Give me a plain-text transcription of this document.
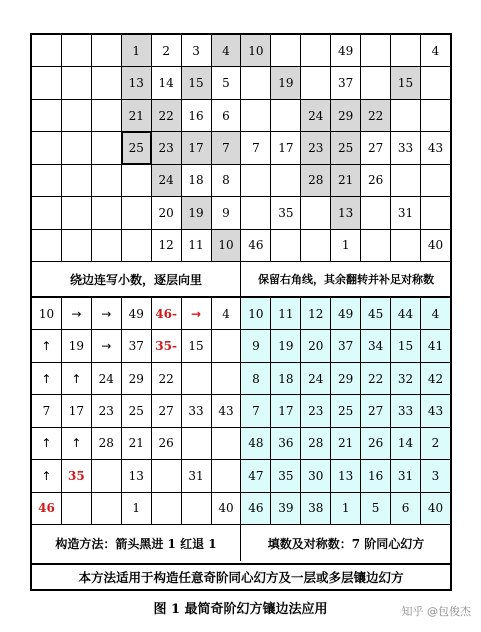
			1	2	3	4	10			49			4
			13	14	15	5		19		37		15	
			21	22	16	6			24	29	22		
			25	23	17	7	7	17	23	25	27	33	43
				24	18	8			28	21	26		
				20	19	9		35		13		31	
				12	11	10	46			1			40
绕边连写小数，逐层向里	保留右角线，其余翻转并补足对称数
10	→	→	49	46-	→	4	10	11	12	49	45	44	4
↑	19	→	37	35-	15		9	19	20	37	34	15	41
↑	↑	24	29	22			8	18	24	29	22	32	42
7	17	23	25	27	33	43	7	17	23	25	27	33	43
↑	↑	28	21	26			48	36	28	21	26	14	2
↑	35		13		31		47	35	30	13	16	31	3
46			1			40	46	39	38	1	5	6	40
构造方法：箭头黑进 1 红退 1	填数及对称数：7 阶同心幻方
本方法适用于构造任意奇阶同心幻方及一层或多层镶边幻方
图 1 最简奇阶幻方镶边法应用	知乎 @包俊杰
